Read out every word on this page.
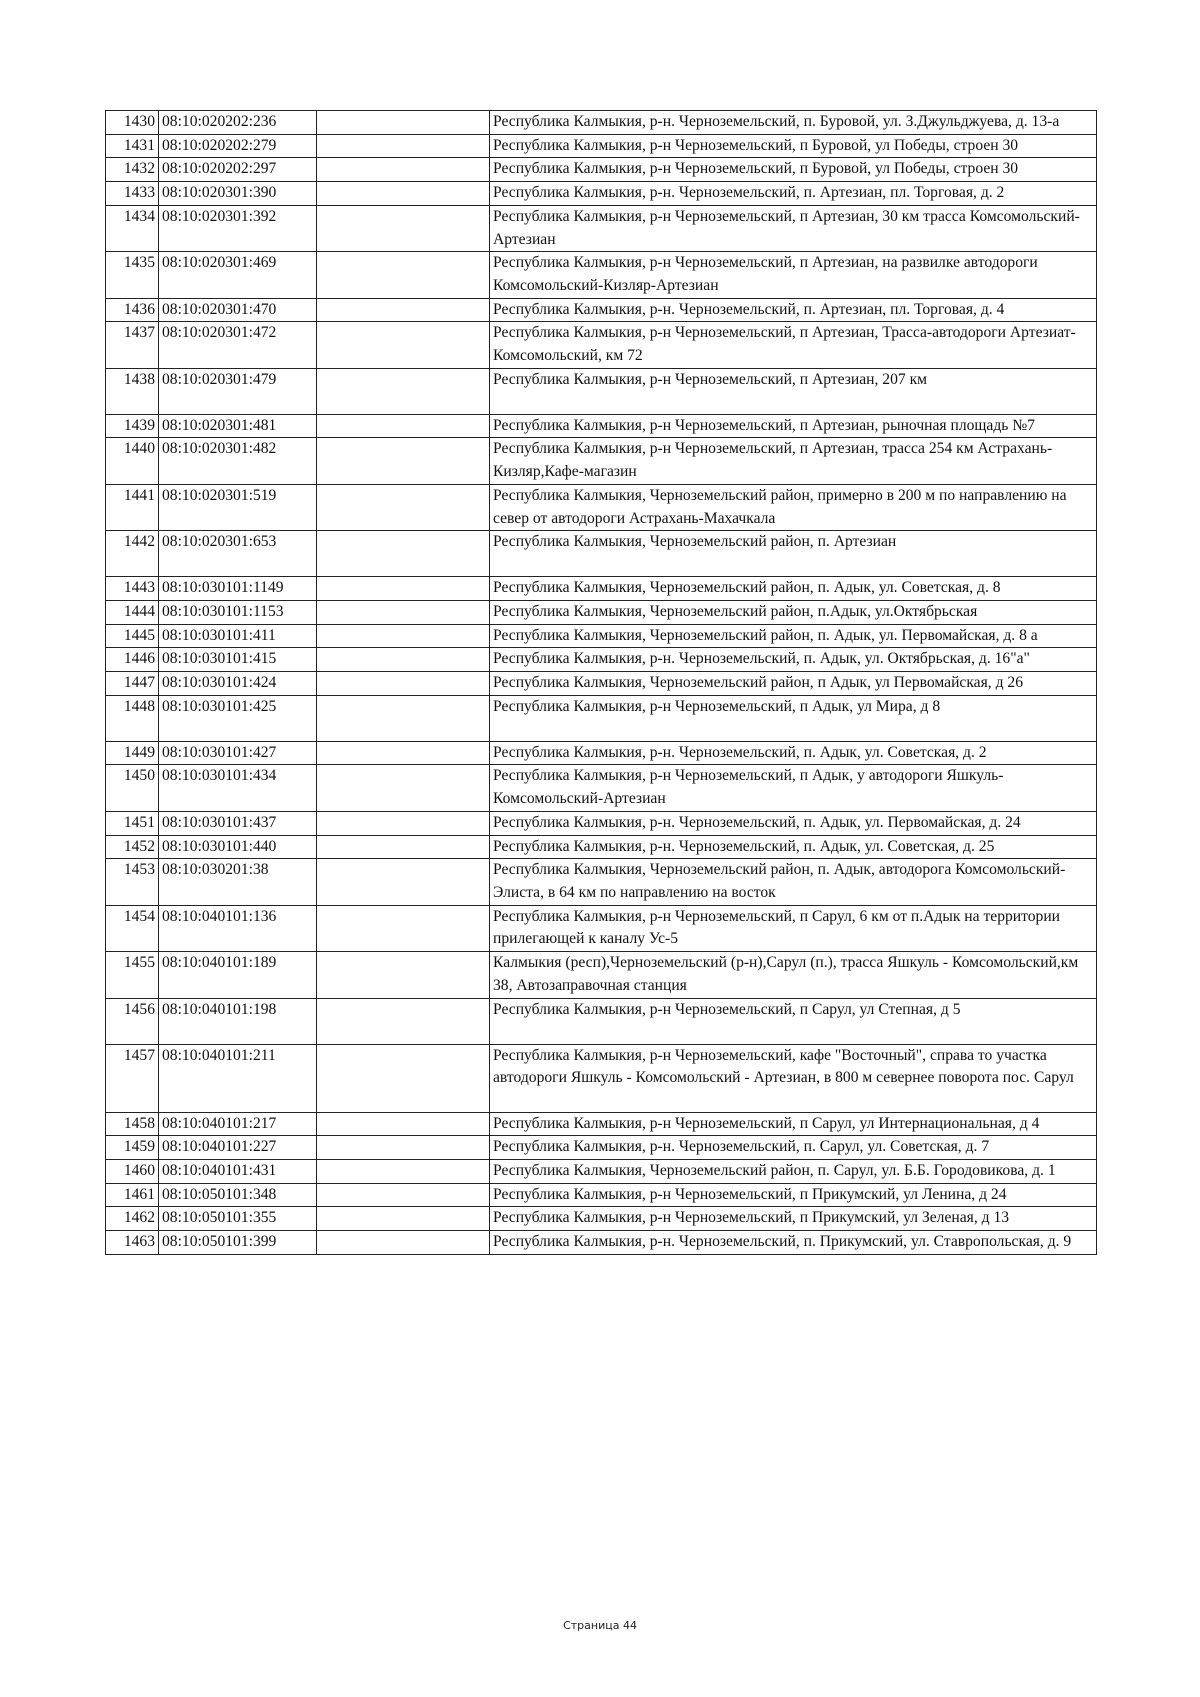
1430	08:10:020202:236		Республика Калмыкия, р-н. Черноземельский, п. Буровой, ул. З.Джульджуева, д. 13-а
1431	08:10:020202:279		Республика Калмыкия, р-н Черноземельский, п Буровой, ул Победы, строен 30
1432	08:10:020202:297		Республика Калмыкия, р-н Черноземельский, п Буровой, ул Победы, строен 30
1433	08:10:020301:390		Республика Калмыкия, р-н. Черноземельский, п. Артезиан, пл. Торговая, д. 2
1434	08:10:020301:392		Республика Калмыкия, р-н Черноземельский, п Артезиан, 30 км трасса Комсомольский-Артезиан
1435	08:10:020301:469		Республика Калмыкия, р-н Черноземельский, п Артезиан, на развилке автодороги Комсомольский-Кизляр-Артезиан
1436	08:10:020301:470		Республика Калмыкия, р-н. Черноземельский, п. Артезиан, пл. Торговая, д. 4
1437	08:10:020301:472		Республика Калмыкия, р-н Черноземельский, п Артезиан, Трасса-автодороги Артезиат-Комсомольский, км 72
1438	08:10:020301:479		Республика Калмыкия, р-н Черноземельский, п Артезиан, 207 км
1439	08:10:020301:481		Республика Калмыкия, р-н Черноземельский, п Артезиан, рыночная площадь №7
1440	08:10:020301:482		Республика Калмыкия, р-н Черноземельский, п Артезиан, трасса 254 км Астрахань-Кизляр,Кафе-магазин
1441	08:10:020301:519		Республика Калмыкия, Черноземельский район, примерно в 200 м по направлению на север от автодороги Астрахань-Махачкала
1442	08:10:020301:653		Республика Калмыкия, Черноземельский район, п. Артезиан
1443	08:10:030101:1149		Республика Калмыкия, Черноземельский район, п. Адык, ул. Советская, д. 8
1444	08:10:030101:1153		Республика Калмыкия, Черноземельский район, п.Адык, ул.Октябрьская
1445	08:10:030101:411		Республика Калмыкия, Черноземельский район, п. Адык, ул. Первомайская, д. 8 а
1446	08:10:030101:415		Республика Калмыкия, р-н. Черноземельский, п. Адык, ул. Октябрьская, д. 16"а"
1447	08:10:030101:424		Республика Калмыкия, Черноземельский район, п Адык, ул Первомайская, д 26
1448	08:10:030101:425		Республика Калмыкия, р-н Черноземельский, п Адык, ул Мира, д 8
1449	08:10:030101:427		Республика Калмыкия, р-н. Черноземельский, п. Адык, ул. Советская, д. 2
1450	08:10:030101:434		Республика Калмыкия, р-н Черноземельский, п Адык, у автодороги Яшкуль-Комсомольский-Артезиан
1451	08:10:030101:437		Республика Калмыкия, р-н. Черноземельский, п. Адык, ул. Первомайская, д. 24
1452	08:10:030101:440		Республика Калмыкия, р-н. Черноземельский, п. Адык, ул. Советская, д. 25
1453	08:10:030201:38		Республика Калмыкия, Черноземельский район, п. Адык, автодорога Комсомольский-Элиста, в 64 км по направлению на восток
1454	08:10:040101:136		Республика Калмыкия, р-н Черноземельский, п Сарул, 6 км от п.Адык на территории прилегающей к каналу Ус-5
1455	08:10:040101:189		Калмыкия (респ),Черноземельский (р-н),Сарул (п.), трасса Яшкуль - Комсомольский,км 38, Автозаправочная станция
1456	08:10:040101:198		Республика Калмыкия, р-н Черноземельский, п Сарул, ул Степная, д 5
1457	08:10:040101:211		Республика Калмыкия, р-н Черноземельский, кафе "Восточный", справа то участка автодороги Яшкуль - Комсомольский - Артезиан, в 800 м севернее поворота пос. Сарул
1458	08:10:040101:217		Республика Калмыкия, р-н Черноземельский, п Сарул, ул Интернациональная, д 4
1459	08:10:040101:227		Республика Калмыкия, р-н. Черноземельский, п. Сарул, ул. Советская, д. 7
1460	08:10:040101:431		Республика Калмыкия, Черноземельский район, п. Сарул, ул. Б.Б. Городовикова, д. 1
1461	08:10:050101:348		Республика Калмыкия, р-н Черноземельский, п Прикумский, ул Ленина, д 24
1462	08:10:050101:355		Республика Калмыкия, р-н Черноземельский, п Прикумский, ул Зеленая, д 13
1463	08:10:050101:399		Республика Калмыкия, р-н. Черноземельский, п. Прикумский, ул. Ставропольская, д. 9
Страница 44
